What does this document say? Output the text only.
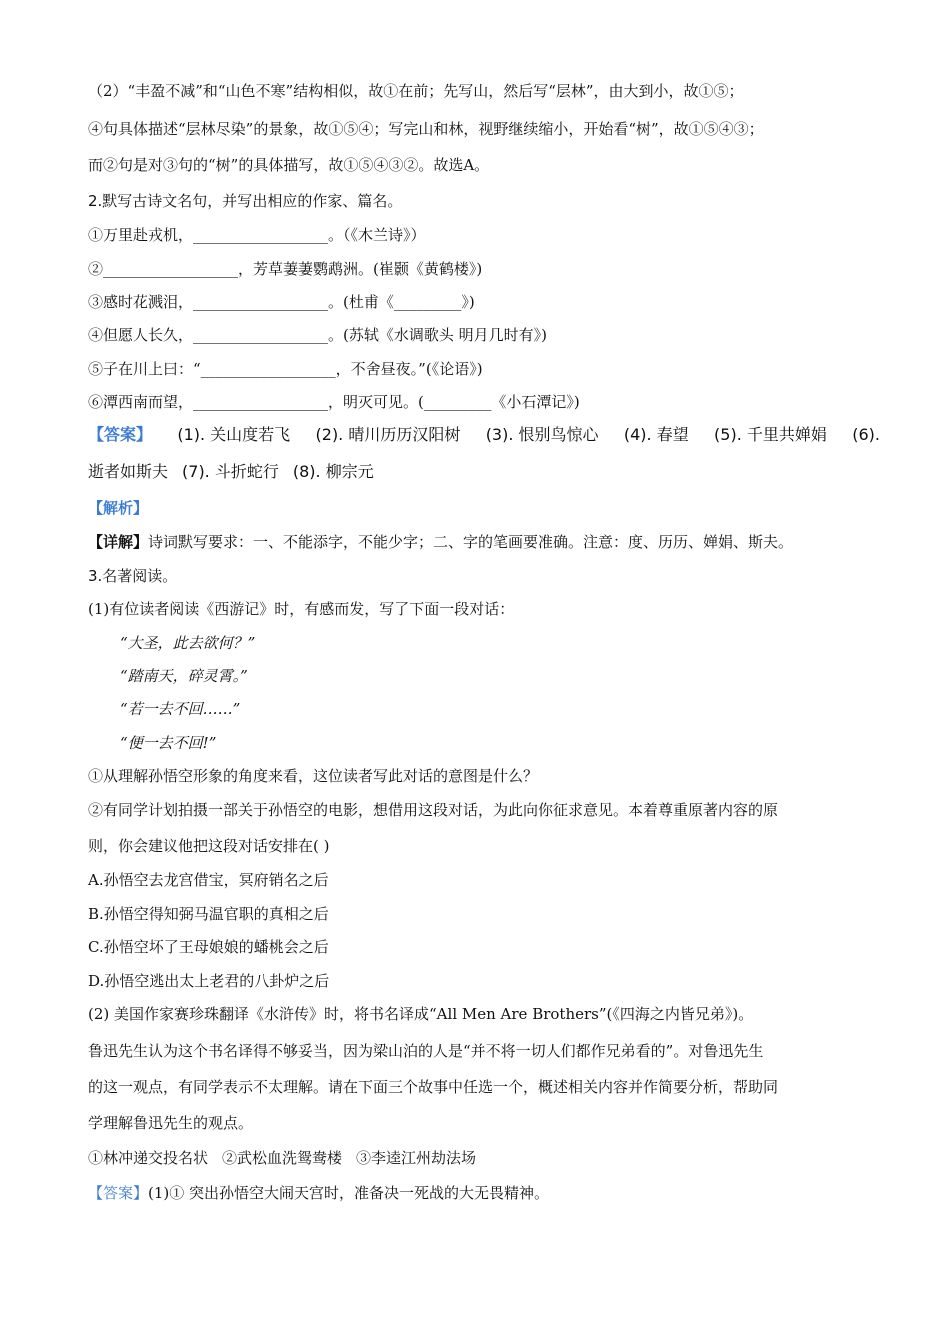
（2）“丰盈不减”和“山色不寒”结构相似，故①在前；先写山，然后写“层林”，由大到小，故①⑤；
④句具体描述“层林尽染”的景象，故①⑤④；写完山和林，视野继续缩小，开始看“树”，故①⑤④③；
而②句是对③句的“树”的具体描写，故①⑤④③②。故选A。
2.默写古诗文名句，并写出相应的作家、篇名。
①万里赴戎机，__________________。（《木兰诗》）
②__________________，芳草萋萋鹦鹉洲。(崔颢《黄鹤楼》)
③感时花溅泪，__________________。(杜甫《_________》)
④但愿人长久，__________________。(苏轼《水调歌头 明月几时有》)
⑤子在川上曰：“__________________，不舍昼夜。”(《论语》)
⑥潭西南而望，__________________，明灭可见。(_________《小石潭记》)
【答案】 (1). 关山度若飞 (2). 晴川历历汉阳树 (3). 恨别鸟惊心 (4). 春望 (5). 千里共婵娟 (6).
逝者如斯夫 (7). 斗折蛇行 (8). 柳宗元
【解析】
【详解】诗词默写要求：一、不能添字，不能少字；二、字的笔画要准确。注意：度、历历、婵娟、斯夫。
3.名著阅读。
(1)有位读者阅读《西游记》时，有感而发，写了下面一段对话：
“大圣，此去欲何？”
“踏南天，碎灵霄。”
“若一去不回……”
“便一去不回!”
①从理解孙悟空形象的角度来看，这位读者写此对话的意图是什么？
②有同学计划拍摄一部关于孙悟空的电影，想借用这段对话，为此向你征求意见。本着尊重原著内容的原
则，你会建议他把这段对话安排在( )
A.孙悟空去龙宫借宝，冥府销名之后
B.孙悟空得知弼马温官职的真相之后
C.孙悟空坏了王母娘娘的蟠桃会之后
D.孙悟空逃出太上老君的八卦炉之后
(2) 美国作家赛珍珠翻译《水浒传》时，将书名译成“All Men Are Brothers”(《四海之内皆兄弟》)。
鲁迅先生认为这个书名译得不够妥当，因为梁山泊的人是“并不将一切人们都作兄弟看的”。对鲁迅先生
的这一观点，有同学表示不太理解。请在下面三个故事中任选一个，概述相关内容并作简要分析，帮助同
学理解鲁迅先生的观点。
①林冲递交投名状 ②武松血洗鸳鸯楼 ③李逵江州劫法场
【答案】(1)① 突出孙悟空大闹天宫时，准备决一死战的大无畏精神。
